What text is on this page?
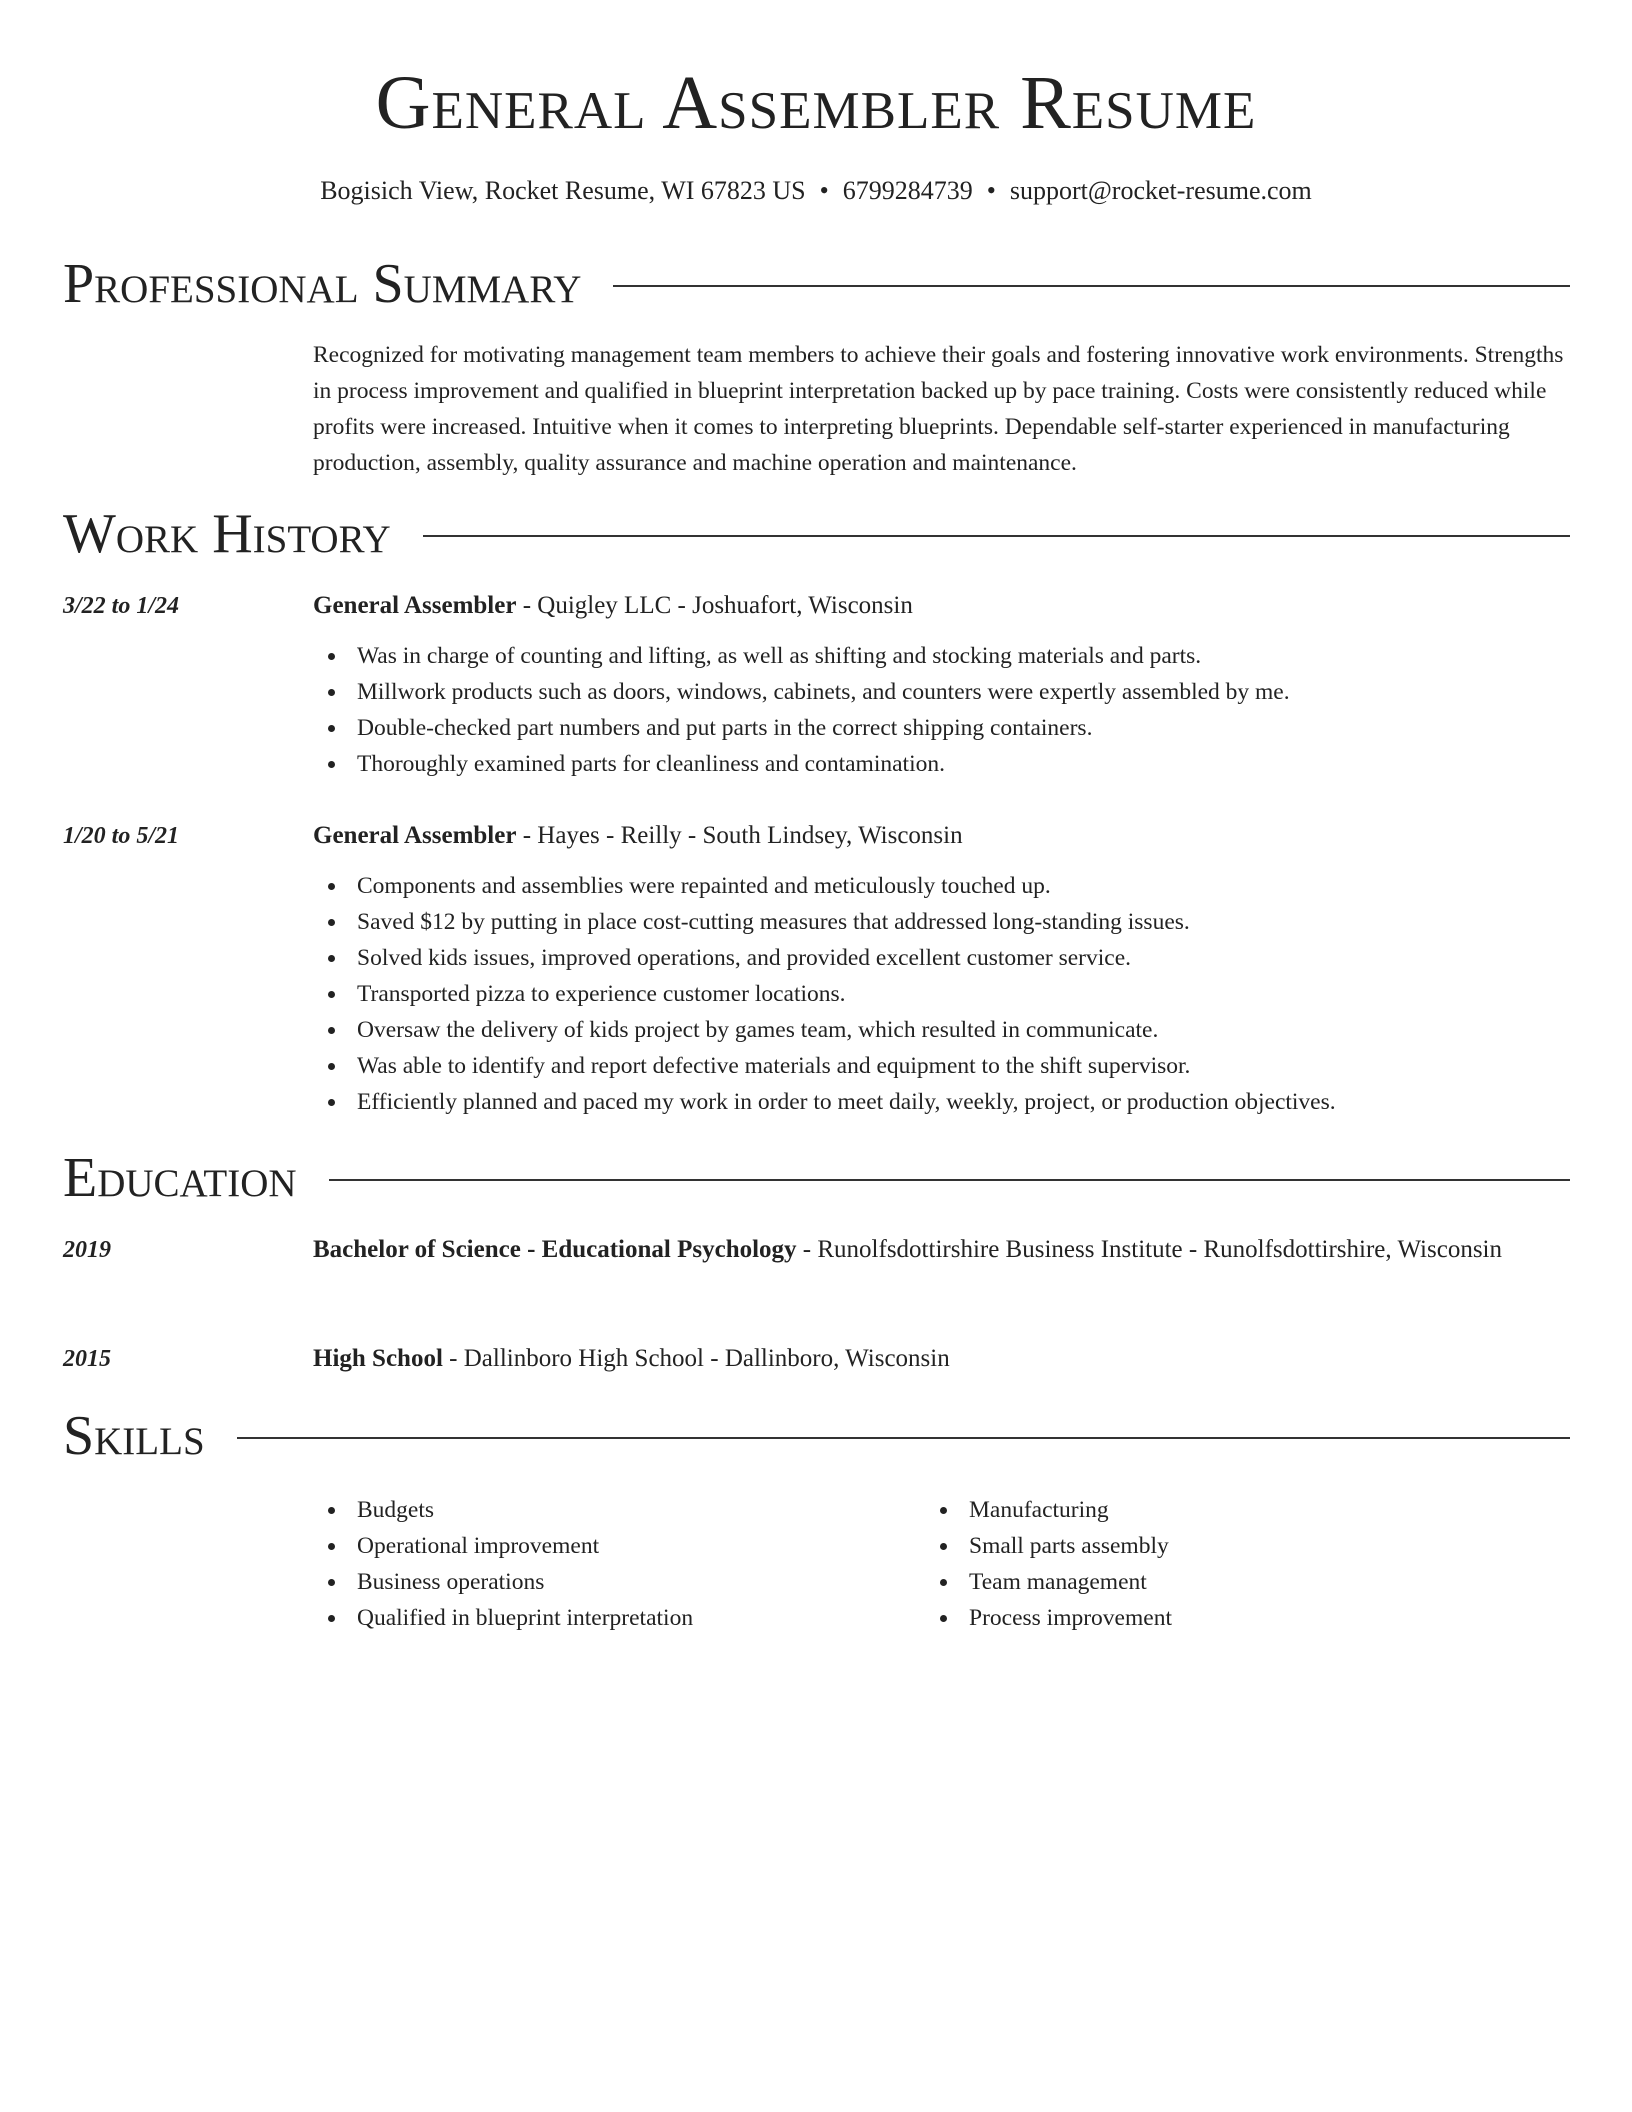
General Assembler Resume
Bogisich View, Rocket Resume, WI 67823 US • 6799284739 • support@rocket-resume.com
Professional Summary
Recognized for motivating management team members to achieve their goals and fostering innovative work environments. Strengths in process improvement and qualified in blueprint interpretation backed up by pace training. Costs were consistently reduced while profits were increased. Intuitive when it comes to interpreting blueprints. Dependable self-starter experienced in manufacturing production, assembly, quality assurance and machine operation and maintenance.
Work History
3/22 to 1/24	General Assembler - Quigley LLC - Joshuafort, Wisconsin
Was in charge of counting and lifting, as well as shifting and stocking materials and parts.
Millwork products such as doors, windows, cabinets, and counters were expertly assembled by me.
Double-checked part numbers and put parts in the correct shipping containers.
Thoroughly examined parts for cleanliness and contamination.
1/20 to 5/21	General Assembler - Hayes - Reilly - South Lindsey, Wisconsin
Components and assemblies were repainted and meticulously touched up.
Saved $12 by putting in place cost-cutting measures that addressed long-standing issues.
Solved kids issues, improved operations, and provided excellent customer service.
Transported pizza to experience customer locations.
Oversaw the delivery of kids project by games team, which resulted in communicate.
Was able to identify and report defective materials and equipment to the shift supervisor.
Efficiently planned and paced my work in order to meet daily, weekly, project, or production objectives.
Education
2019	Bachelor of Science - Educational Psychology - Runolfsdottirshire Business Institute - Runolfsdottirshire, Wisconsin
2015	High School - Dallinboro High School - Dallinboro, Wisconsin
Skills
Budgets
Operational improvement
Business operations
Qualified in blueprint interpretation
Manufacturing
Small parts assembly
Team management
Process improvement
